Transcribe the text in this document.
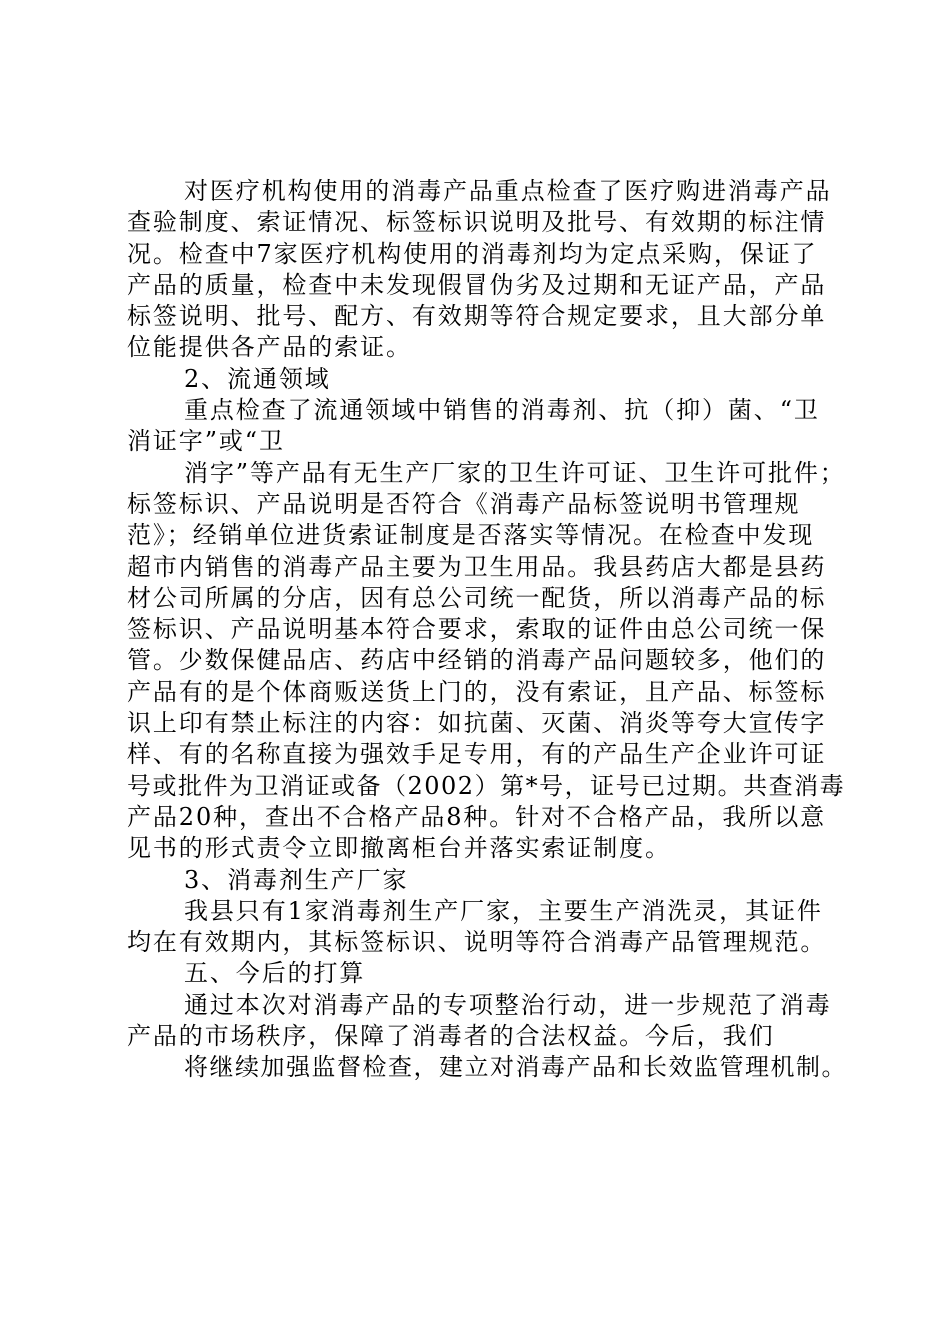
对医疗机构使用的消毒产品重点检查了医疗购进消毒产品
查验制度、索证情况、标签标识说明及批号、有效期的标注情
况。检查中7家医疗机构使用的消毒剂均为定点采购，保证了
产品的质量，检查中未发现假冒伪劣及过期和无证产品，产品
标签说明、批号、配方、有效期等符合规定要求，且大部分单
位能提供各产品的索证。
2、流通领域
重点检查了流通领域中销售的消毒剂、抗（抑）菌、“卫
消证字”或“卫
消字”等产品有无生产厂家的卫生许可证、卫生许可批件；
标签标识、产品说明是否符合《消毒产品标签说明书管理规
范》；经销单位进货索证制度是否落实等情况。在检查中发现
超市内销售的消毒产品主要为卫生用品。我县药店大都是县药
材公司所属的分店，因有总公司统一配货，所以消毒产品的标
签标识、产品说明基本符合要求，索取的证件由总公司统一保
管。少数保健品店、药店中经销的消毒产品问题较多，他们的
产品有的是个体商贩送货上门的，没有索证，且产品、标签标
识上印有禁止标注的内容：如抗菌、灭菌、消炎等夸大宣传字
样、有的名称直接为强效手足专用，有的产品生产企业许可证
号或批件为卫消证或备（2002）第*号，证号已过期。共查消毒
产品20种，查出不合格产品8种。针对不合格产品，我所以意
见书的形式责令立即撤离柜台并落实索证制度。
3、消毒剂生产厂家
我县只有1家消毒剂生产厂家，主要生产消洗灵，其证件
均在有效期内，其标签标识、说明等符合消毒产品管理规范。
五、今后的打算
通过本次对消毒产品的专项整治行动，进一步规范了消毒
产品的市场秩序，保障了消毒者的合法权益。今后，我们
将继续加强监督检查，建立对消毒产品和长效监管理机制。
